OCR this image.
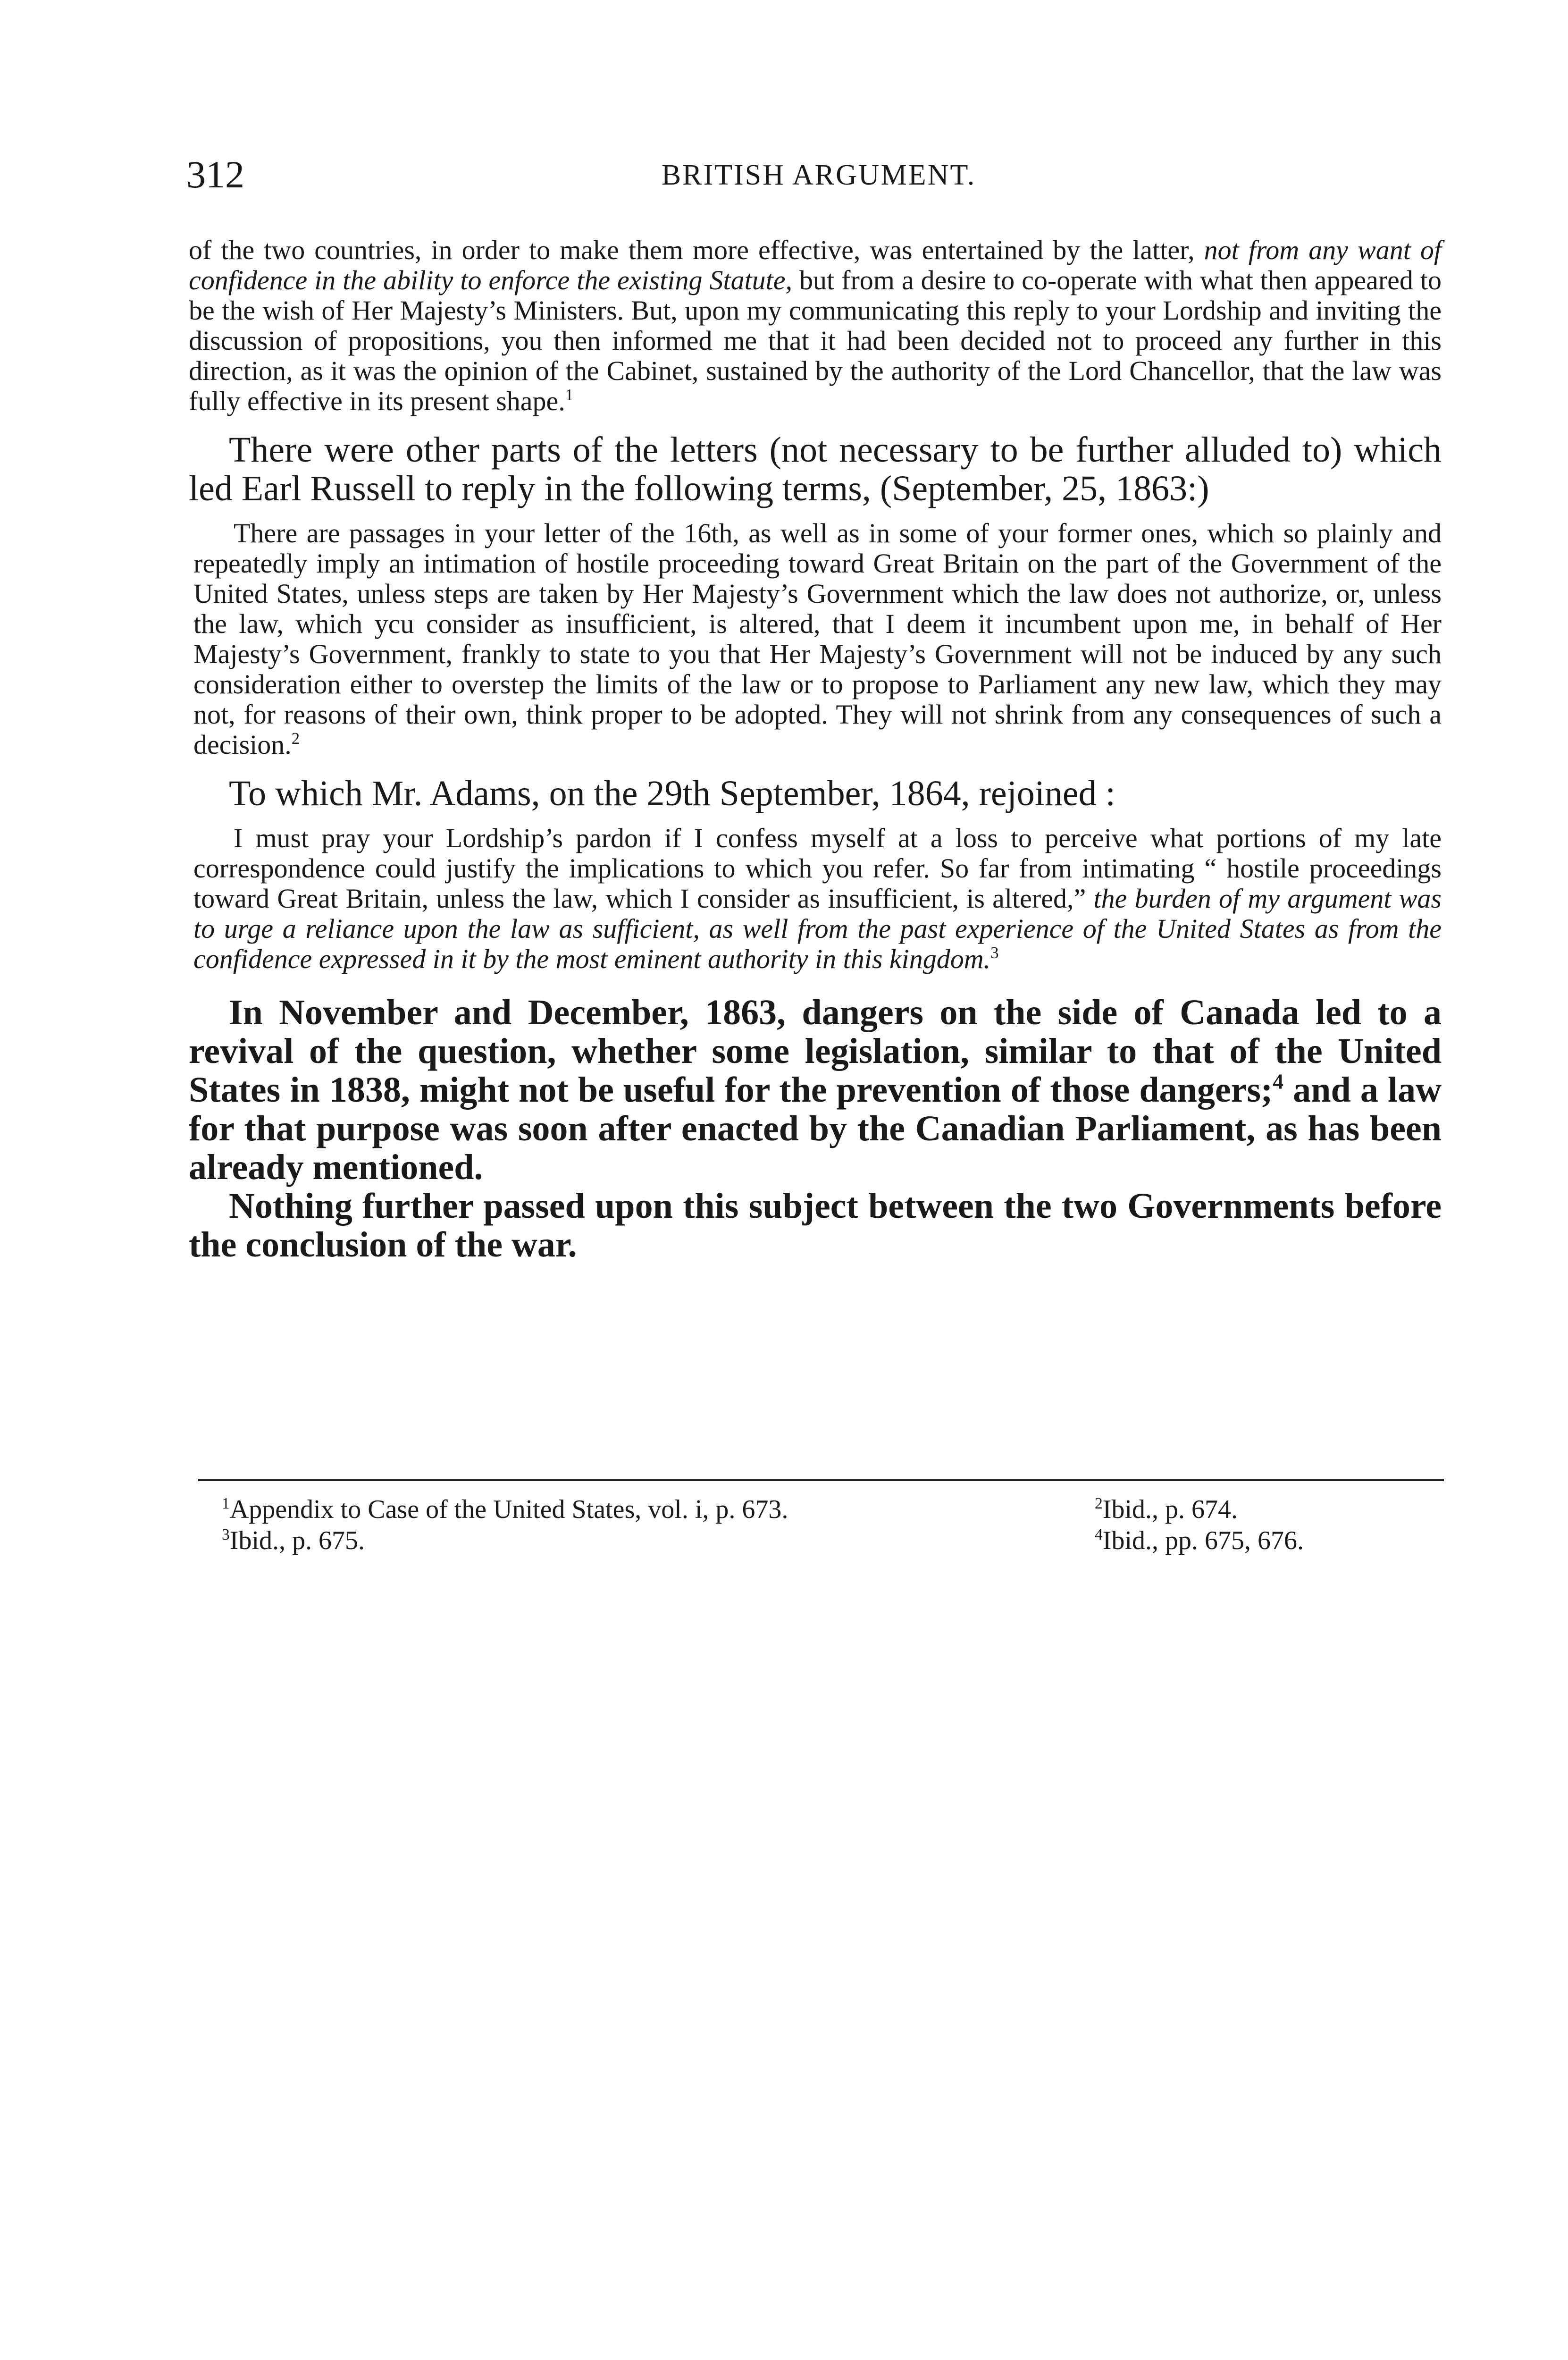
312	BRITISH ARGUMENT.

of the two countries, in order to make them more effective, was entertained by the latter, not from any want of confidence in the ability to enforce the existing Statute, but from a desire to co-operate with what then appeared to be the wish of Her Majesty’s Ministers. But, upon my communicating this reply to your Lordship and inviting the discussion of propositions, you then informed me that it had been decided not to proceed any further in this direction, as it was the opinion of the Cabinet, sustained by the authority of the Lord Chancellor, that the law was fully effective in its present shape.$^1$

There were other parts of the letters (not necessary to be further alluded to) which led Earl Russell to reply in the following terms, (September, 25, 1863:)

There are passages in your letter of the 16th, as well as in some of your former ones, which so plainly and repeatedly imply an intimation of hostile proceeding toward Great Britain on the part of the Government of the United States, unless steps are taken by Her Majesty’s Government which the law does not authorize, or, unless the law, which ycu consider as insufficient, is altered, that I deem it incumbent upon me, in behalf of Her Majesty’s Government, frankly to state to you that Her Majesty’s Government will not be induced by any such consideration either to overstep the limits of the law or to propose to Parliament any new law, which they may not, for reasons of their own, think proper to be adopted. They will not shrink from any consequences of such a decision.$^2$

To which Mr. Adams, on the 29th September, 1864, rejoined :

I must pray your Lordship’s pardon if I confess myself at a loss to perceive what portions of my late correspondence could justify the implications to which you refer. So far from intimating “ hostile proceedings toward Great Britain, unless the law, which I consider as insufficient, is altered,” the burden of my argument was to urge a reliance upon the law as sufficient, as well from the past experience of the United States as from the confidence expressed in it by the most eminent authority in this kingdom.$^3$

In November and December, 1863, dangers on the side of Canada led to a revival of the question, whether some legislation, similar to that of the United States in 1838, might not be useful for the prevention of those dangers;$^4$ and a law for that purpose was soon after enacted by the Canadian Parliament, as has been already mentioned.

Nothing further passed upon this subject between the two Governments before the conclusion of the war.

$^1$Appendix to Case of the United States, vol. i, p. 673.	$^2$Ibid., p. 674.
$^3$Ibid., p. 675.	$^4$Ibid., pp. 675, 676.
